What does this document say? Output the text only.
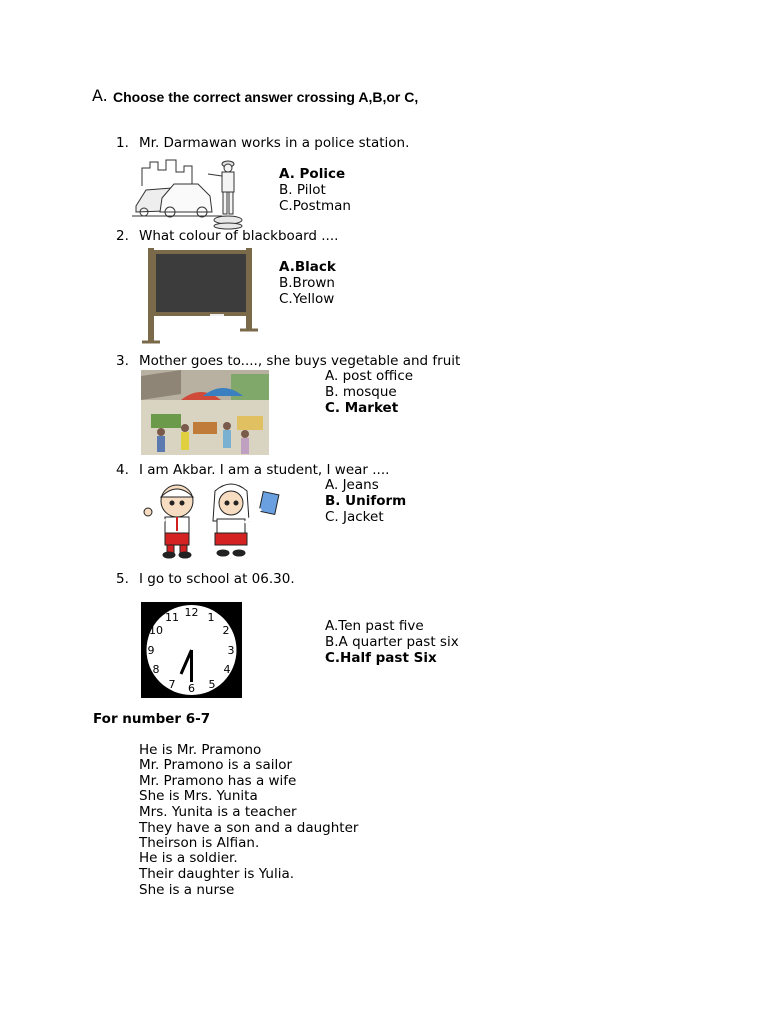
A. Choose the correct answer crossing A,B,or C,
1. Mr. Darmawan works in a police station.
A. Police
B. Pilot
C.Postman
2. What colour of blackboard ....
A.Black
B.Brown
C.Yellow
3. Mother goes to...., she buys vegetable and fruit
A. post office
B. mosque
C. Market
4. I am Akbar. I am a student, I wear ....
A. Jeans
B. Uniform
C. Jacket
5. I go to school at 06.30.
12 1
2
3
4
5
6
7
8
9
10
11
A.Ten past five
B.A quarter past six
C.Half past Six
For number 6-7
He is Mr. Pramono
Mr. Pramono is a sailor
Mr. Pramono has a wife
She is Mrs. Yunita
Mrs. Yunita is a teacher
They have a son and a daughter
Theirson is Alfian.
He is a soldier.
Their daughter is Yulia.
She is a nurse
